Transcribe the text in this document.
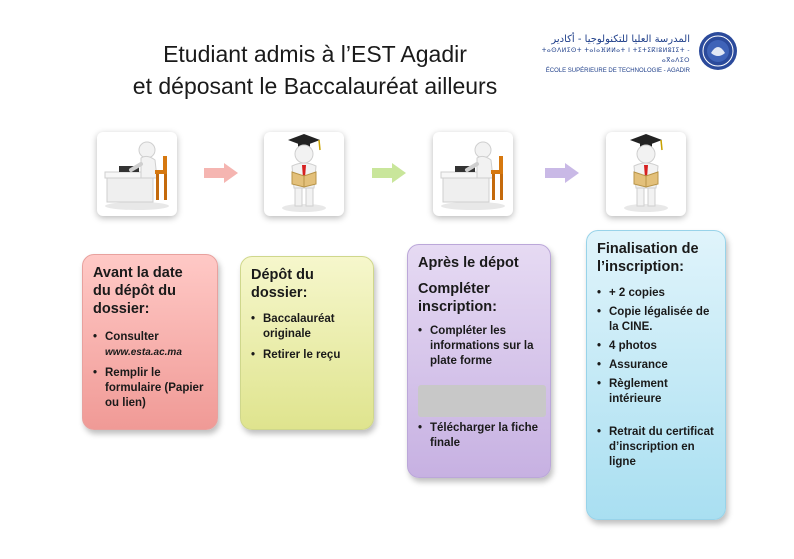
Etudiant admis à l’EST Agadir
et déposant le Baccalauréat ailleurs
المدرسة العليا للتكنولوجيا - أكادير
ⵜⴰⵙⴷⵍⵉⵙⵜ ⵜⴰⵏⴰⴼⵍⵍⴰⵜ ⵏ ⵜⵉⵜⵉⴽⵏⵓⵍⵓⵊⵉⵜ - ⴰⴳⴰⴷⵉⵔ
ÉCOLE SUPÉRIEURE DE TECHNOLOGIE - AGADIR
Avant la date
du dépôt du
dossier:
• Consulter
www.esta.ac.ma
• Remplir le formulaire (Papier ou lien)
Dépôt du
dossier:
• Baccalauréat originale
• Retirer le reçu
Après le dépot
Compléter
inscription:
• Compléter les informations sur la plate forme
• Télécharger la fiche finale
Finalisation de
l’inscription:
• + 2 copies
• Copie légalisée de la CINE.
• 4 photos
• Assurance
• Règlement intérieure
• Retrait du certificat d’inscription en ligne
